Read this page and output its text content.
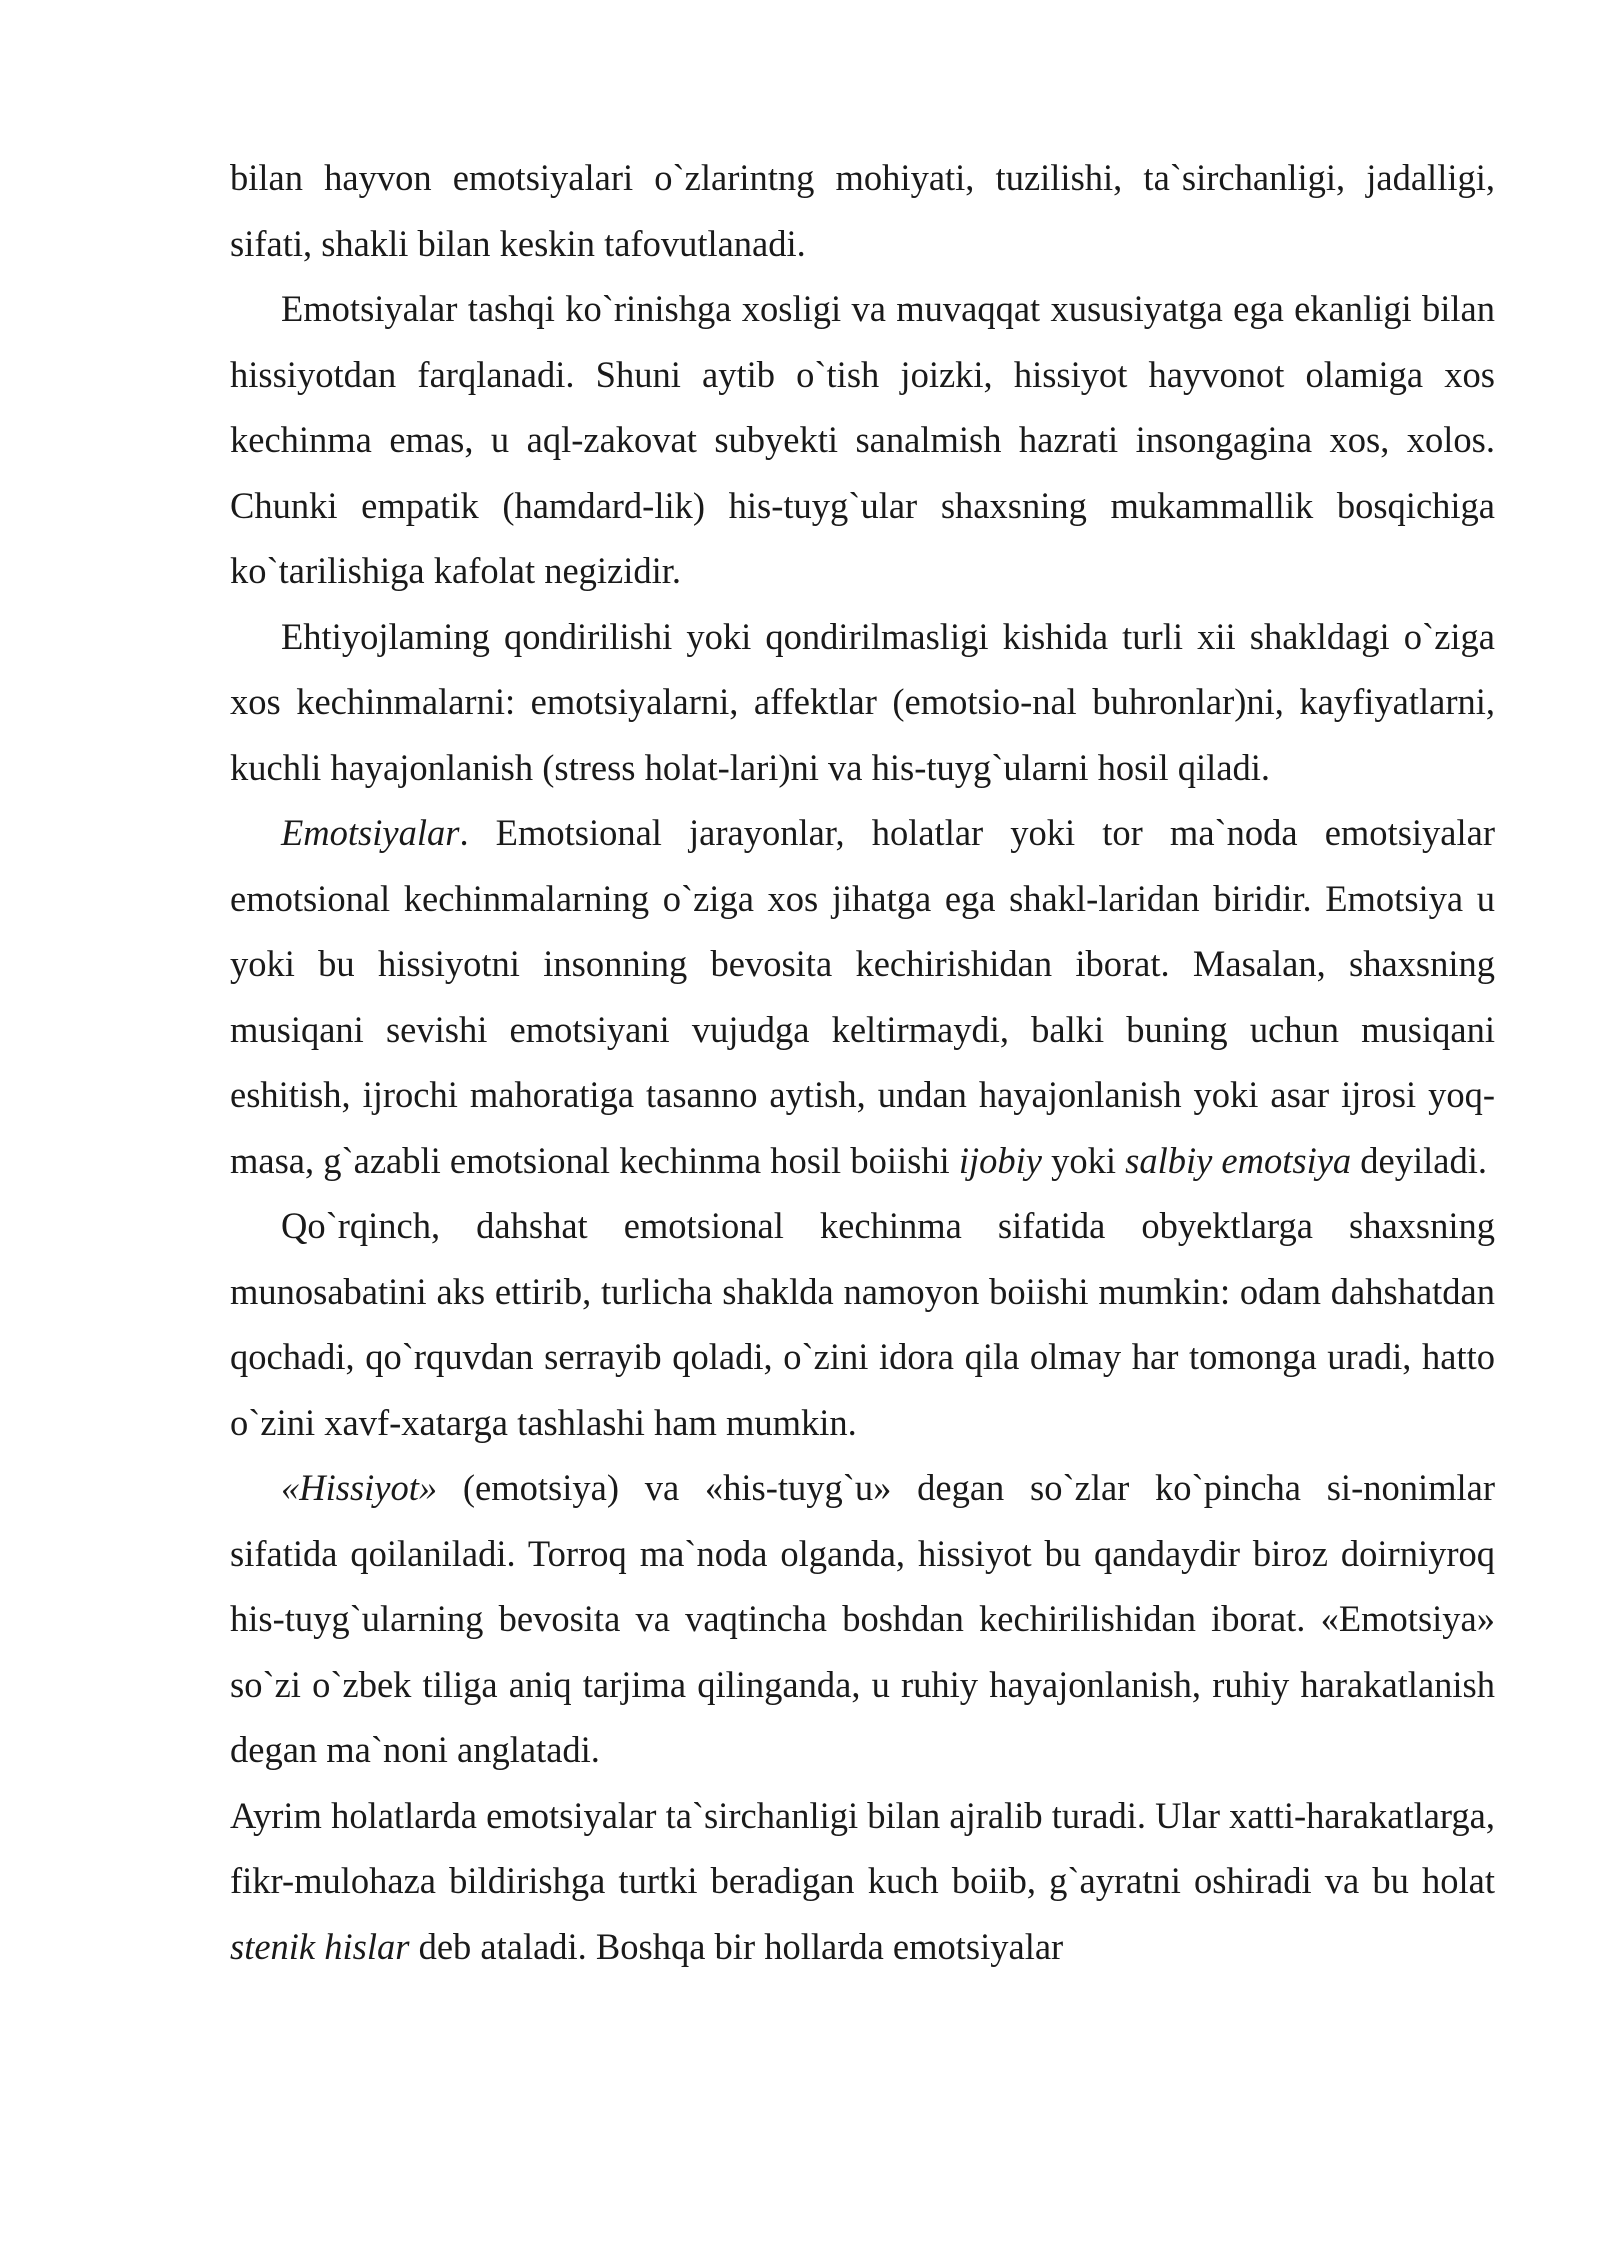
bilan hayvon emotsiyalari o`zlarintng mohiyati, tuzilishi, ta`sirchanligi, jadalligi, sifati, shakli bilan keskin tafovutlanadi.

Emotsiyalar tashqi ko`rinishga xosligi va muvaqqat xususiyatga ega ekanligi bilan hissiyotdan farqlanadi. Shuni aytib o`tish joizki, hissiyot hayvonot olamiga xos kechinma emas, u aql-zakovat subyekti sanalmish hazrati insongagina xos, xolos. Chunki empatik (hamdard-lik) his-tuyg`ular shaxsning mukammallik bosqichiga ko`tarilishiga kafolat negizidir.

Ehtiyojlaming qondirilishi yoki qondirilmasligi kishida turli xii shakldagi o`ziga xos kechinmalarni: emotsiyalarni, affektlar (emotsio-nal buhronlar)ni, kayfiyatlarni, kuchli hayajonlanish (stress holat-lari)ni va his-tuyg`ularni hosil qiladi.

Emotsiyalar. Emotsional jarayonlar, holatlar yoki tor ma`noda emotsiyalar emotsional kechinmalarning o`ziga xos jihatga ega shakl-laridan biridir. Emotsiya u yoki bu hissiyotni insonning bevosita kechirishidan iborat. Masalan, shaxsning musiqani sevishi emotsiyani vujudga keltirmaydi, balki buning uchun musiqani eshitish, ijrochi mahoratiga tasanno aytish, undan hayajonlanish yoki asar ijrosi yoq-masa, g`azabli emotsional kechinma hosil boiishi ijobiy yoki salbiy emotsiya deyiladi.

Qo`rqinch, dahshat emotsional kechinma sifatida obyektlarga shaxsning munosabatini aks ettirib, turlicha shaklda namoyon boiishi mumkin: odam dahshatdan qochadi, qo`rquvdan serrayib qoladi, o`zini idora qila olmay har tomonga uradi, hatto o`zini xavf-xatarga tashlashi ham mumkin.

«Hissiyot» (emotsiya) va «his-tuyg`u» degan so`zlar ko`pincha si-nonimlar sifatida qoilaniladi. Torroq ma`noda olganda, hissiyot bu qandaydir biroz doirniyroq his-tuyg`ularning bevosita va vaqtincha boshdan kechirilishidan iborat. «Emotsiya» so`zi o`zbek tiliga aniq tarjima qilinganda, u ruhiy hayajonlanish, ruhiy harakatlanish degan ma`noni anglatadi.

Ayrim holatlarda emotsiyalar ta`sirchanligi bilan ajralib turadi. Ular xatti-harakatlarga, fikr-mulohaza bildirishga turtki beradigan kuch boiib, g`ayratni oshiradi va bu holat stenik hislar deb ataladi. Boshqa bir hollarda emotsiyalar
